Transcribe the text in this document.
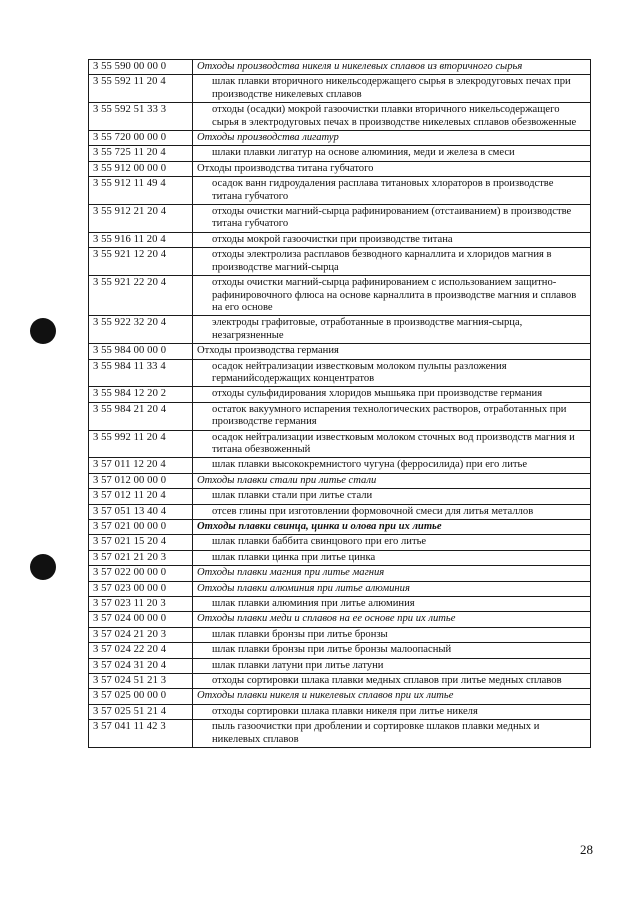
3 55 590 00 00 0	Отходы производства никеля и никелевых сплавов из вторичного сырья
3 55 592 11 20 4	шлак плавки вторичного никельсодержащего сырья в элекродуговых печах при производстве никелевых сплавов
3 55 592 51 33 3	отходы (осадки) мокрой газоочистки плавки вторичного никельсодержащего сырья в электродуговых печах в производстве никелевых сплавов обезвоженные
3 55 720 00 00 0	Отходы производства лигатур
3 55 725 11 20 4	шлаки плавки лигатур на основе алюминия, меди и железа в смеси
3 55 912 00 00 0	Отходы производства титана губчатого
3 55 912 11 49 4	осадок ванн гидроудаления расплава титановых хлораторов в производстве титана губчатого
3 55 912 21 20 4	отходы очистки магний-сырца рафинированием (отстаиванием) в производстве титана губчатого
3 55 916 11 20 4	отходы мокрой газоочистки при производстве титана
3 55 921 12 20 4	отходы электролиза расплавов безводного карналлита и хлоридов магния в производстве магний-сырца
3 55 921 22 20 4	отходы очистки магний-сырца рафинированием с использованием защитно-рафинировочного флюса на основе карналлита в производстве магния и сплавов на его основе
3 55 922 32 20 4	электроды графитовые, отработанные в производстве магния-сырца, незагрязненные
3 55 984 00 00 0	Отходы производства германия
3 55 984 11 33 4	осадок нейтрализации известковым молоком пульпы разложения германийсодержащих концентратов
3 55 984 12 20 2	отходы сульфидирования хлоридов мышьяка при производстве германия
3 55 984 21 20 4	остаток вакуумного испарения технологических растворов, отработанных при производстве германия
3 55 992 11 20 4	осадок нейтрализации известковым молоком сточных вод производств магния и титана обезвоженный
3 57 011 12 20 4	шлак плавки высококремнистого чугуна (ферросилида) при его литье
3 57 012 00 00 0	Отходы плавки стали при литье стали
3 57 012 11 20 4	шлак плавки стали при литье стали
3 57 051 13 40 4	отсев глины при изготовлении формовочной смеси для литья металлов
3 57 021 00 00 0	Отходы плавки свинца, цинка и олова при их литье
3 57 021 15 20 4	шлак плавки баббита свинцового при его литье
3 57 021 21 20 3	шлак плавки цинка при литье цинка
3 57 022 00 00 0	Отходы плавки магния при литье магния
3 57 023 00 00 0	Отходы плавки алюминия при литье алюминия
3 57 023 11 20 3	шлак плавки алюминия при литье алюминия
3 57 024 00 00 0	Отходы плавки меди и сплавов на ее основе при их литье
3 57 024 21 20 3	шлак плавки бронзы при литье бронзы
3 57 024 22 20 4	шлак плавки бронзы при литье бронзы малоопасный
3 57 024 31 20 4	шлак плавки латуни при литье латуни
3 57 024 51 21 3	отходы сортировки шлака плавки медных сплавов при литье медных сплавов
3 57 025 00 00 0	Отходы плавки никеля и никелевых сплавов при их литье
3 57 025 51 21 4	отходы сортировки шлака плавки никеля при литье никеля
3 57 041 11 42 3	пыль газоочистки при дроблении и сортировке шлаков плавки медных и никелевых сплавов
28
